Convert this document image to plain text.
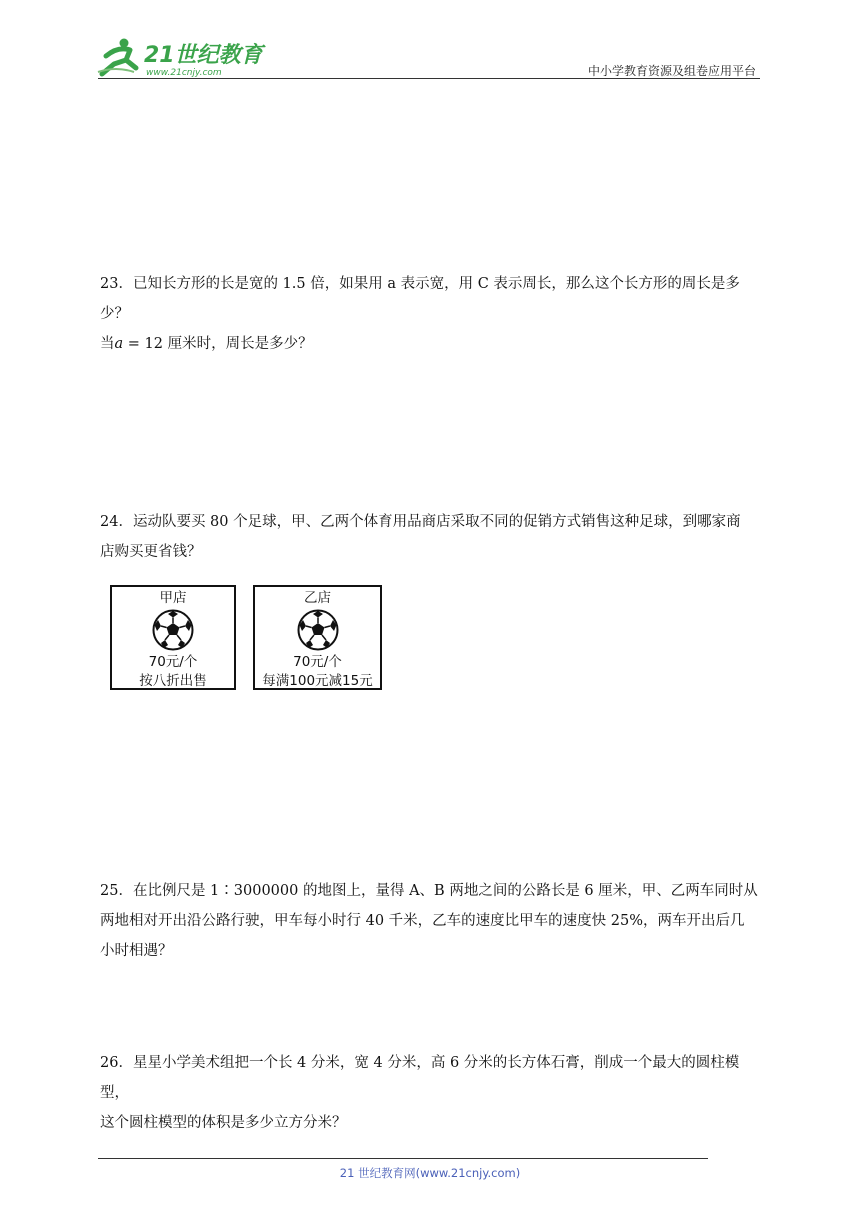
21世纪教育
www.21cnjy.com	中小学教育资源及组卷应用平台

23．已知长方形的长是宽的 1.5 倍，如果用 a 表示宽，用 C 表示周长，那么这个长方形的周长是多少？

当a = 12 厘米时，周长是多少？

24．运动队要买 80 个足球，甲、乙两个体育用品商店采取不同的促销方式销售这种足球，到哪家商

店购买更省钱？

甲店
70元/个
按八折出售
乙店
70元/个
每满100元减15元

25．在比例尺是 1∶3000000 的地图上，量得 A、B 两地之间的公路长是 6 厘米，甲、乙两车同时从

两地相对开出沿公路行驶，甲车每小时行 40 千米，乙车的速度比甲车的速度快 25%，两车开出后几

小时相遇？

26．星星小学美术组把一个长 4 分米，宽 4 分米，高 6 分米的长方体石膏，削成一个最大的圆柱模型，

这个圆柱模型的体积是多少立方分米？

21 世纪教育网(www.21cnjy.com)
